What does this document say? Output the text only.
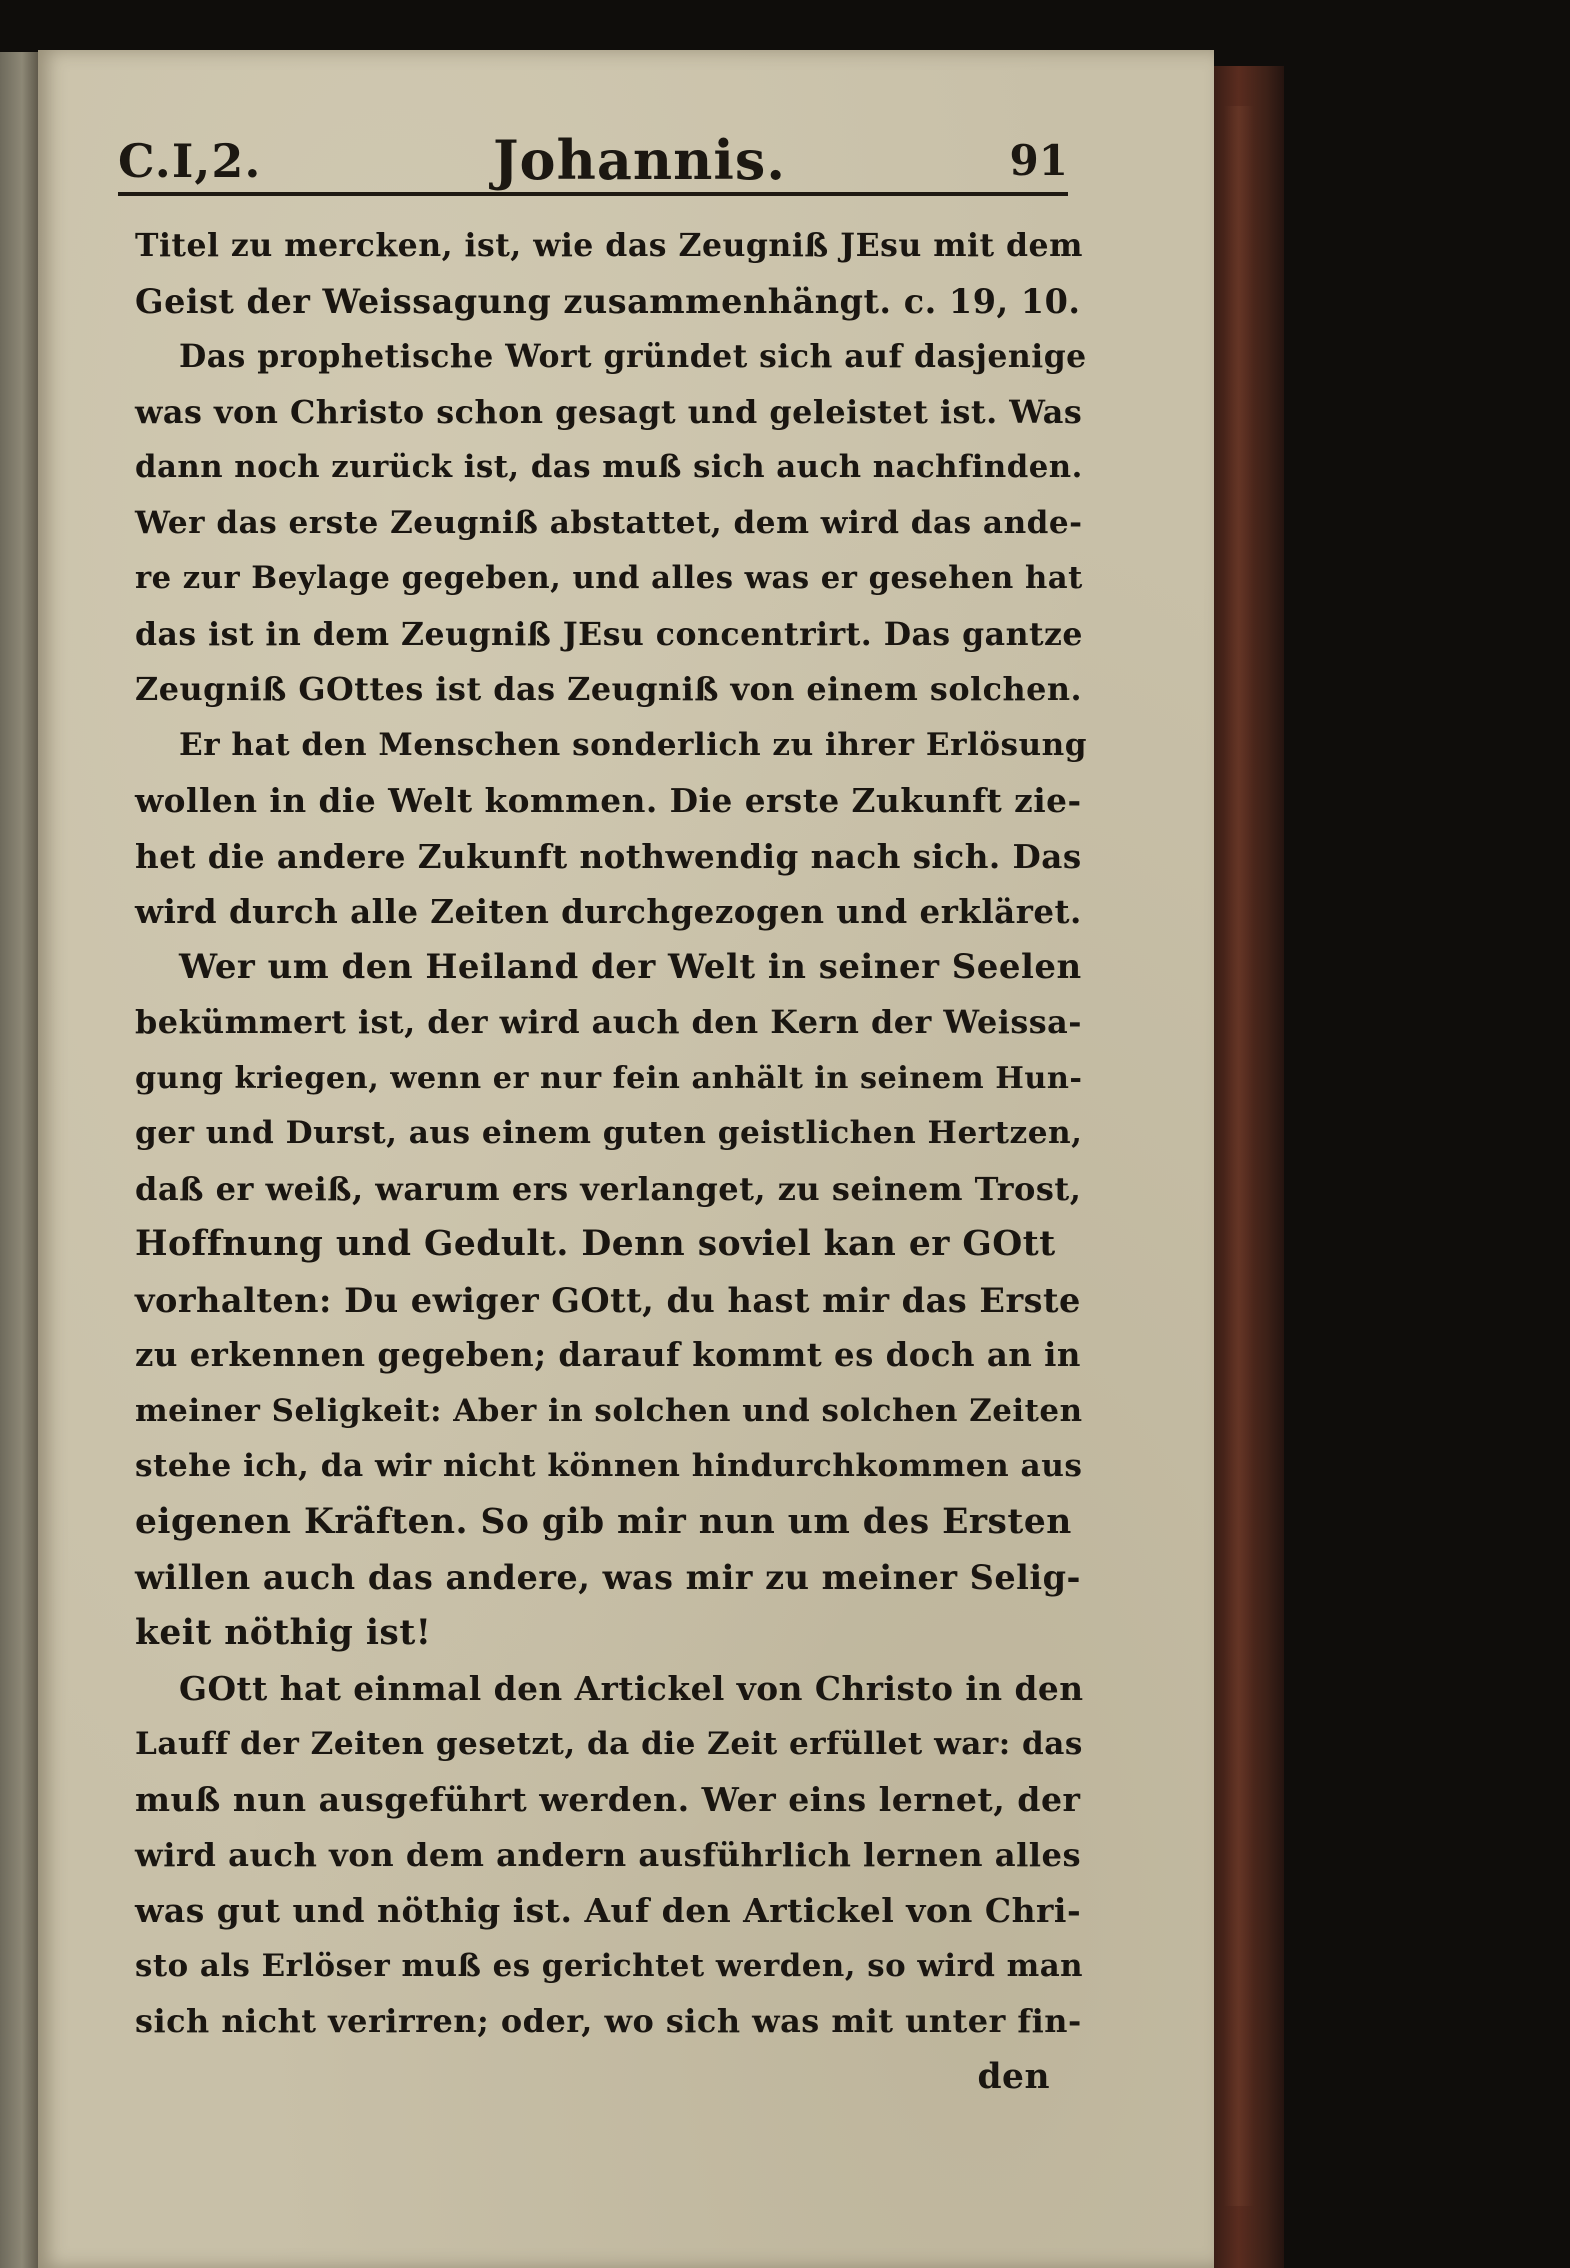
C.I,2.	Johannis.	91
Titel zu mercken, ist, wie das Zeugniß JEsu mit dem
Geist der Weissagung zusammenhängt. c. 19, 10.
Das prophetische Wort gründet sich auf dasjenige
was von Christo schon gesagt und geleistet ist. Was
dann noch zurück ist, das muß sich auch nachfinden.
Wer das erste Zeugniß abstattet, dem wird das ande-
re zur Beylage gegeben, und alles was er gesehen hat
das ist in dem Zeugniß JEsu concentrirt. Das gantze
Zeugniß GOttes ist das Zeugniß von einem solchen.
Er hat den Menschen sonderlich zu ihrer Erlösung
wollen in die Welt kommen. Die erste Zukunft zie-
het die andere Zukunft nothwendig nach sich. Das
wird durch alle Zeiten durchgezogen und erkläret.
Wer um den Heiland der Welt in seiner Seelen
bekümmert ist, der wird auch den Kern der Weissa-
gung kriegen, wenn er nur fein anhält in seinem Hun-
ger und Durst, aus einem guten geistlichen Hertzen,
daß er weiß, warum ers verlanget, zu seinem Trost,
Hoffnung und Gedult. Denn soviel kan er GOtt
vorhalten: Du ewiger GOtt, du hast mir das Erste
zu erkennen gegeben; darauf kommt es doch an in
meiner Seligkeit: Aber in solchen und solchen Zeiten
stehe ich, da wir nicht können hindurchkommen aus
eigenen Kräften. So gib mir nun um des Ersten
willen auch das andere, was mir zu meiner Selig-
keit nöthig ist!
GOtt hat einmal den Artickel von Christo in den
Lauff der Zeiten gesetzt, da die Zeit erfüllet war: das
muß nun ausgeführt werden. Wer eins lernet, der
wird auch von dem andern ausführlich lernen alles
was gut und nöthig ist. Auf den Artickel von Chri-
sto als Erlöser muß es gerichtet werden, so wird man
sich nicht verirren; oder, wo sich was mit unter fin-
den
